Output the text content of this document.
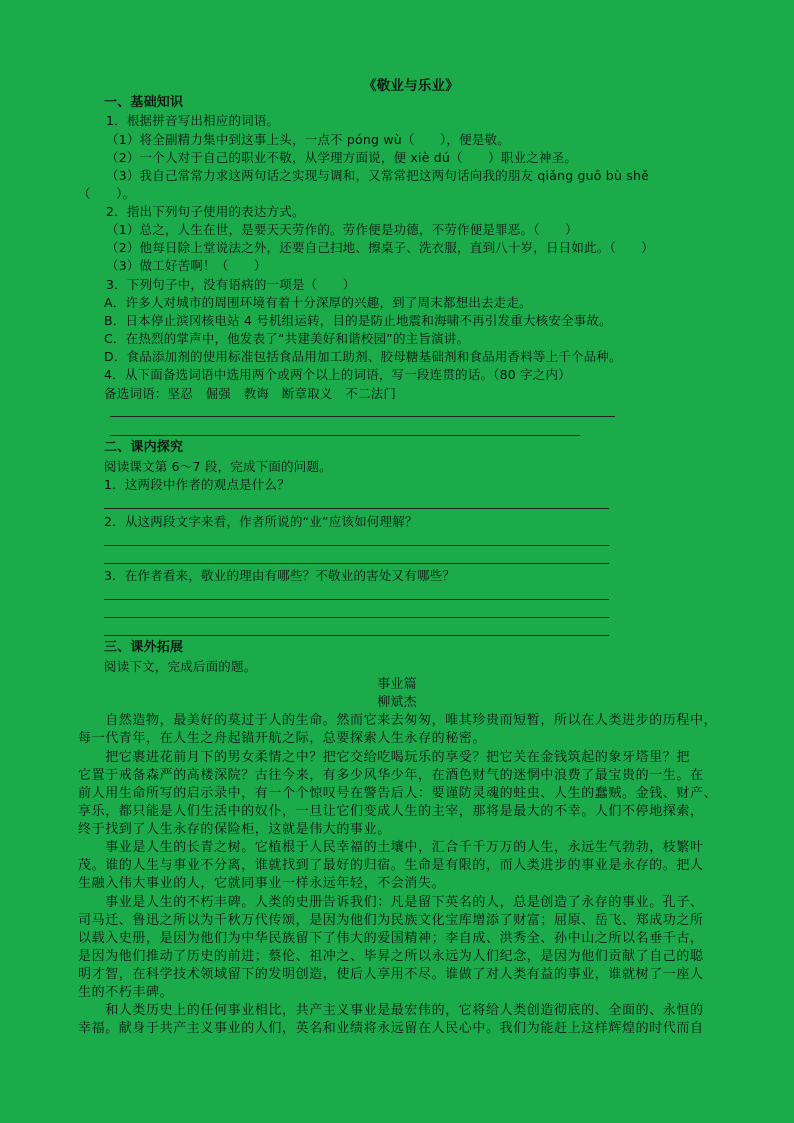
《敬业与乐业》
一、基础知识
1．根据拼音写出相应的词语。
（1）将全副精力集中到这事上头，一点不 póng wù（　　），便是敬。
（2）一个人对于自己的职业不敬，从学理方面说，便 xiè dú（　　）职业之神圣。
（3）我自己常常力求这两句话之实现与调和，又常常把这两句话向我的朋友 qiǎng guō bù shě
（　　）。
2．指出下列句子使用的表达方式。
（1）总之，人生在世，是要天天劳作的。劳作便是功德，不劳作便是罪恶。（　　）
（2）他每日除上堂说法之外，还要自己扫地、擦桌子、洗衣服，直到八十岁，日日如此。（　　）
（3）做工好苦啊！（　　）
3．下列句子中，没有语病的一项是（　　）
A．许多人对城市的周围环境有着十分深厚的兴趣，到了周末都想出去走走。
B．日本停止滨冈核电站 4 号机组运转，目的是防止地震和海啸不再引发重大核安全事故。
C．在热烈的掌声中，他发表了“共建美好和谐校园”的主旨演讲。
D．食品添加剂的使用标准包括食品用加工助剂、胶母糖基础剂和食品用香料等上千个品种。
4．从下面备选词语中选用两个或两个以上的词语，写一段连贯的话。（80 字之内）
备选词语：坚忍　倔强　教诲　断章取义　不二法门
二、课内探究
阅读课文第 6～7 段，完成下面的问题。
1．这两段中作者的观点是什么？
2．从这两段文字来看，作者所说的“业”应该如何理解？
3．在作者看来，敬业的理由有哪些？不敬业的害处又有哪些？
三、课外拓展
阅读下文，完成后面的题。
事业篇
柳斌杰
　　自然造物，最美好的莫过于人的生命。然而它来去匆匆，唯其珍贵而短暂，所以在人类进步的历程中，
每一代青年，在人生之舟起锚开航之际，总要探索人生永存的秘密。
　　把它裹进花前月下的男女柔情之中？把它交给吃喝玩乐的享受？把它关在金钱筑起的象牙塔里？把
它置于戒备森严的高楼深院？古往今来，有多少风华少年，在酒色财气的迷惘中浪费了最宝贵的一生。在
前人用生命所写的启示录中，有一个个惊叹号在警告后人：要谨防灵魂的蛀虫、人生的蠢贼。金钱、财产、
享乐，都只能是人们生活中的奴仆，一旦让它们变成人生的主宰，那将是最大的不幸。人们不停地探索，
终于找到了人生永存的保险柜，这就是伟大的事业。
　　事业是人生的长青之树。它植根于人民幸福的土壤中，汇合千千万万的人生，永远生气勃勃，枝繁叶
茂。谁的人生与事业不分离，谁就找到了最好的归宿。生命是有限的，而人类进步的事业是永存的。把人
生融入伟大事业的人，它就同事业一样永远年轻，不会消失。
　　事业是人生的不朽丰碑。人类的史册告诉我们：凡是留下英名的人，总是创造了永存的事业。孔子、
司马迁、鲁迅之所以为千秋万代传颂，是因为他们为民族文化宝库增添了财富；屈原、岳飞、郑成功之所
以载入史册，是因为他们为中华民族留下了伟大的爱国精神；李自成、洪秀全、孙中山之所以名垂千古，
是因为他们推动了历史的前进；蔡伦、祖冲之、毕昇之所以永远为人们纪念，是因为他们贡献了自己的聪
明才智，在科学技术领域留下的发明创造，使后人享用不尽。谁做了对人类有益的事业，谁就树了一座人
生的不朽丰碑。
　　和人类历史上的任何事业相比，共产主义事业是最宏伟的，它将给人类创造彻底的、全面的、永恒的
幸福。献身于共产主义事业的人们，英名和业绩将永远留在人民心中。我们为能赶上这样辉煌的时代而自
